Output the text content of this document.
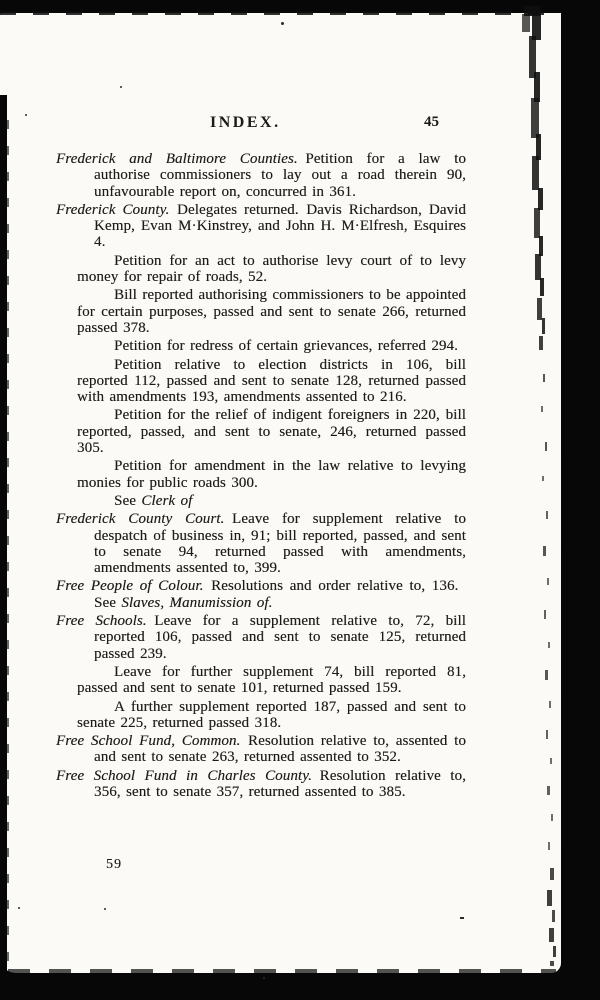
INDEX.	45

Frederick and Baltimore Counties. Petition for a law to authorise commissioners to lay out a road therein 90, unfavourable report on, concurred in 361.

Frederick County. Delegates returned. Davis Richardson, David Kemp, Evan M·Kinstrey, and John H. M·Elfresh, Esquires 4.

Petition for an act to authorise levy court of to levy money for repair of roads, 52.

Bill reported authorising commissioners to be appointed for certain purposes, passed and sent to senate 266, returned passed 378.

Petition for redress of certain grievances, referred 294.

Petition relative to election districts in 106, bill reported 112, passed and sent to senate 128, returned passed with amendments 193, amendments assented to 216.

Petition for the relief of indigent foreigners in 220, bill reported, passed, and sent to senate, 246, returned passed 305.

Petition for amendment in the law relative to levying monies for public roads 300.

See Clerk of

Frederick County Court. Leave for supplement relative to despatch of business in, 91; bill reported, passed, and sent to senate 94, returned passed with amendments, amendments assented to, 399.

Free People of Colour. Resolutions and order relative to, 136. See Slaves, Manumission of.

Free Schools. Leave for a supplement relative to, 72, bill reported 106, passed and sent to senate 125, returned passed 239.

Leave for further supplement 74, bill reported 81, passed and sent to senate 101, returned passed 159.

A further supplement reported 187, passed and sent to senate 225, returned passed 318.

Free School Fund, Common. Resolution relative to, assented to and sent to senate 263, returned assented to 352.

Free School Fund in Charles County. Resolution relative to, 356, sent to senate 357, returned assented to 385.

59
